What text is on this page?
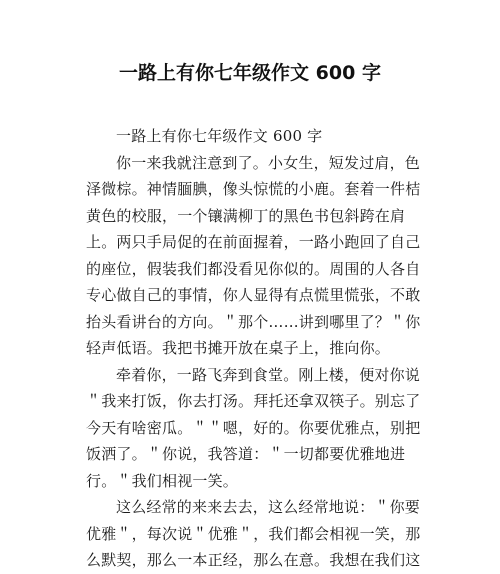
一路上有你七年级作文 600 字

一路上有你七年级作文 600 字

你一来我就注意到了。小女生，短发过肩，色泽微棕。神情腼腆，像头惊慌的小鹿。套着一件桔黄色的校服，一个镶满柳丁的黑色书包斜跨在肩上。两只手局促的在前面握着，一路小跑回了自己的座位，假装我们都没看见你似的。周围的人各自专心做自己的事情，你人显得有点慌里慌张，不敢抬头看讲台的方向。＂那个……讲到哪里了？＂你轻声低语。我把书摊开放在桌子上，推向你。

牵着你，一路飞奔到食堂。刚上楼，便对你说＂我来打饭，你去打汤。拜托还拿双筷子。别忘了今天有啥密瓜。＂＂嗯，好的。你要优雅点，别把饭洒了。＂你说，我答道：＂一切都要优雅地进行。＂我们相视一笑。

这么经常的来来去去，这么经常地说：＂你要优雅＂，每次说＂优雅＂，我们都会相视一笑，那么默契，那么一本正经，那么在意。我想在我们这
